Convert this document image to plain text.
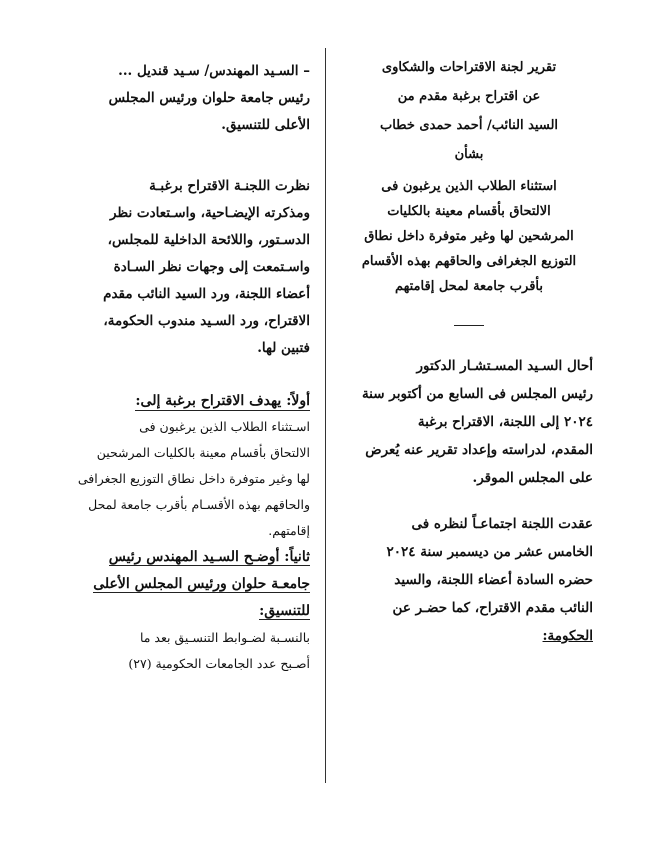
تقرير لجنة الاقتراحات والشكاوى
عن اقتراح برغبة مقدم من
السيد النائب/ أحمد حمدى خطاب
بشأن
استثناء الطلاب الذين يرغبون فى
الالتحاق بأقسام معينة بالكليات
المرشحين لها وغير متوفرة داخل نطاق
التوزيع الجغرافى والحاقهم بهذه الأقسام
بأقرب جامعة لمحل إقامتهم

أحال السـيد المسـتشـار الدكتور
رئيس المجلس فى السابع من أكتوبر سنة
٢٠٢٤ إلى اللجنة، الاقتراح برغبة
المقدم، لدراسته وإعداد تقرير عنه يُعرض
على المجلس الموقر.

عقدت اللجنة اجتماعـاً لنظره فى
الخامس عشر من ديسمبر سنة ٢٠٢٤
حضره السادة أعضاء اللجنة، والسيد
النائب مقدم الاقتراح، كما حضـر عن
الحكومة:

– السـيد المهندس/ سـيد قنديل ...
رئيس جامعة حلوان ورئيس المجلس
الأعلى للتنسيق.
نظرت اللجنـة الاقتراح برغبـة
ومذكرته الإيضـاحية، واسـتعادت نظر
الدسـتور، واللائحة الداخلية للمجلس،
واسـتمعت إلى وجهات نظر السـادة
أعضاء اللجنة، ورد السيد النائب مقدم
الاقتراح، ورد السـيد مندوب الحكومة،
فتبين لها.
أولاً: يهدف الاقتراح برغبة إلى:
اسـتثناء الطلاب الذين يرغبون فى
الالتحاق بأقسام معينة بالكليات المرشحين
لها وغير متوفرة داخل نطاق التوزيع الجغرافى
والحاقهم بهذه الأقسـام بأقرب جامعة لمحل
إقامتهم.
ثانياً: أوضـح السـيد المهندس رئيس
جامعـة حلوان ورئيس المجلس الأعلى
للتنسيق:
بالنسـبة لضـوابط التنسـيق بعد ما
أصـبح عدد الجامعات الحكومية (٢٧)
